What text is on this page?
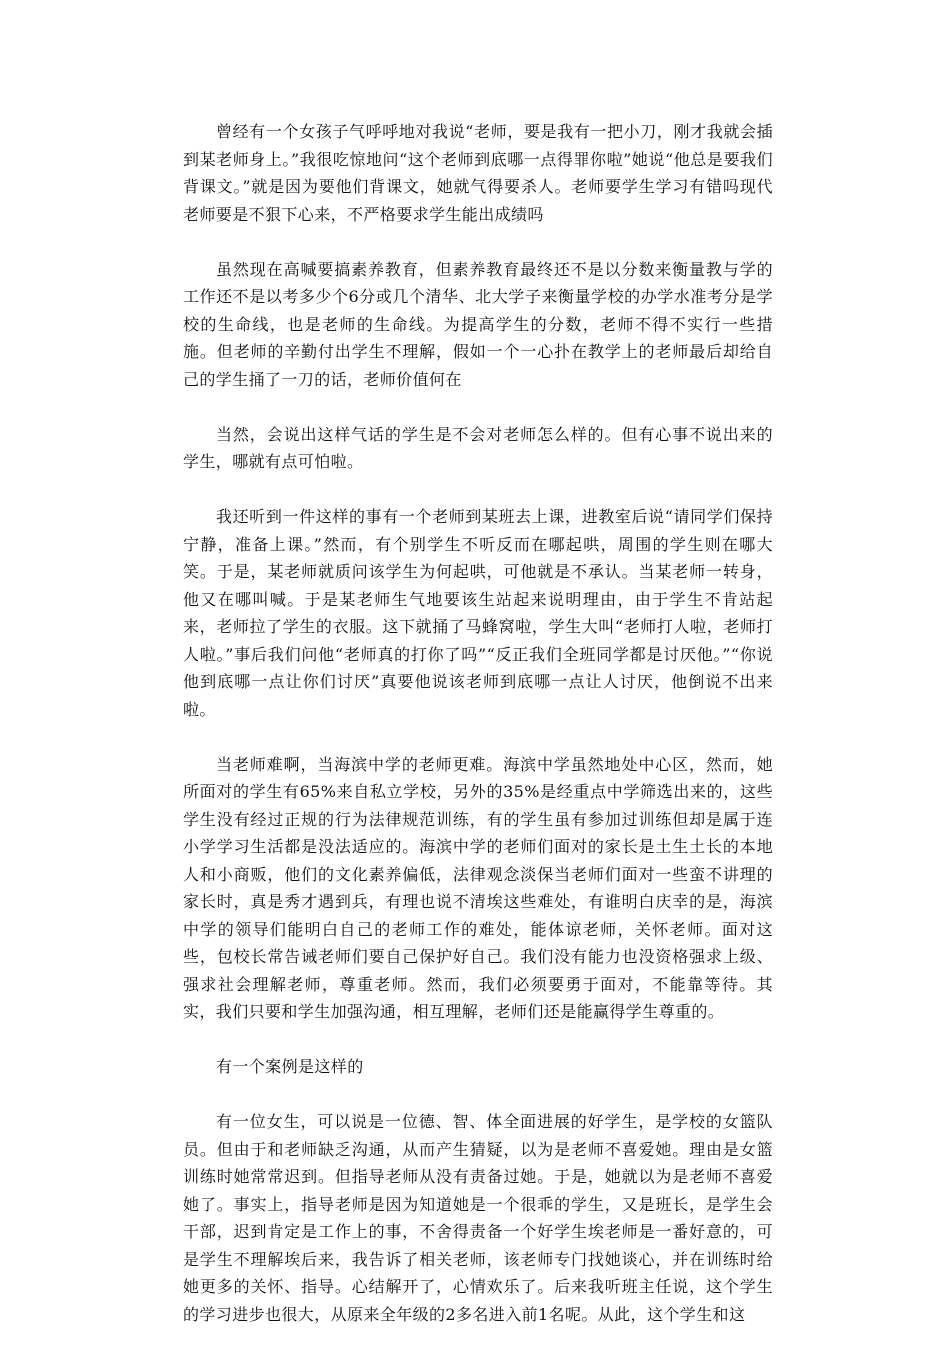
曾经有一个女孩子气呼呼地对我说“老师，要是我有一把小刀，刚才我就会插到某老师身上。”我很吃惊地问“这个老师到底哪一点得罪你啦”她说“他总是要我们背课文。”就是因为要他们背课文，她就气得要杀人。老师要学生学习有错吗现代老师要是不狠下心来，不严格要求学生能出成绩吗

虽然现在高喊要搞素养教育，但素养教育最终还不是以分数来衡量教与学的工作还不是以考多少个6分或几个清华、北大学子来衡量学校的办学水准考分是学校的生命线，也是老师的生命线。为提高学生的分数，老师不得不实行一些措施。但老师的辛勤付出学生不理解，假如一个一心扑在教学上的老师最后却给自己的学生捅了一刀的话，老师价值何在

当然，会说出这样气话的学生是不会对老师怎么样的。但有心事不说出来的学生，哪就有点可怕啦。

我还听到一件这样的事有一个老师到某班去上课，进教室后说“请同学们保持宁静，准备上课。”然而，有个别学生不听反而在哪起哄，周围的学生则在哪大笑。于是，某老师就质问该学生为何起哄，可他就是不承认。当某老师一转身，他又在哪叫喊。于是某老师生气地要该生站起来说明理由，由于学生不肯站起来，老师拉了学生的衣服。这下就捅了马蜂窝啦，学生大叫“老师打人啦，老师打人啦。”事后我们问他“老师真的打你了吗”“反正我们全班同学都是讨厌他。”“你说他到底哪一点让你们讨厌”真要他说该老师到底哪一点让人讨厌，他倒说不出来啦。

当老师难啊，当海滨中学的老师更难。海滨中学虽然地处中心区，然而，她所面对的学生有65%来自私立学校，另外的35%是经重点中学筛选出来的，这些学生没有经过正规的行为法律规范训练，有的学生虽有参加过训练但却是属于连小学学习生活都是没法适应的。海滨中学的老师们面对的家长是土生土长的本地人和小商贩，他们的文化素养偏低，法律观念淡保当老师们面对一些蛮不讲理的家长时，真是秀才遇到兵，有理也说不清埃这些难处，有谁明白庆幸的是，海滨中学的领导们能明白自己的老师工作的难处，能体谅老师，关怀老师。面对这些，包校长常告诫老师们要自己保护好自己。我们没有能力也没资格强求上级、强求社会理解老师，尊重老师。然而，我们必须要勇于面对，不能靠等待。其实，我们只要和学生加强沟通，相互理解，老师们还是能赢得学生尊重的。

有一个案例是这样的

有一位女生，可以说是一位德、智、体全面进展的好学生，是学校的女篮队员。但由于和老师缺乏沟通，从而产生猜疑，以为是老师不喜爱她。理由是女篮训练时她常常迟到。但指导老师从没有责备过她。于是，她就以为是老师不喜爱她了。事实上，指导老师是因为知道她是一个很乖的学生，又是班长，是学生会干部，迟到肯定是工作上的事，不舍得责备一个好学生埃老师是一番好意的，可是学生不理解埃后来，我告诉了相关老师，该老师专门找她谈心，并在训练时给她更多的关怀、指导。心结解开了，心情欢乐了。后来我听班主任说，这个学生的学习进步也很大，从原来全年级的2多名进入前1名呢。从此，这个学生和这
